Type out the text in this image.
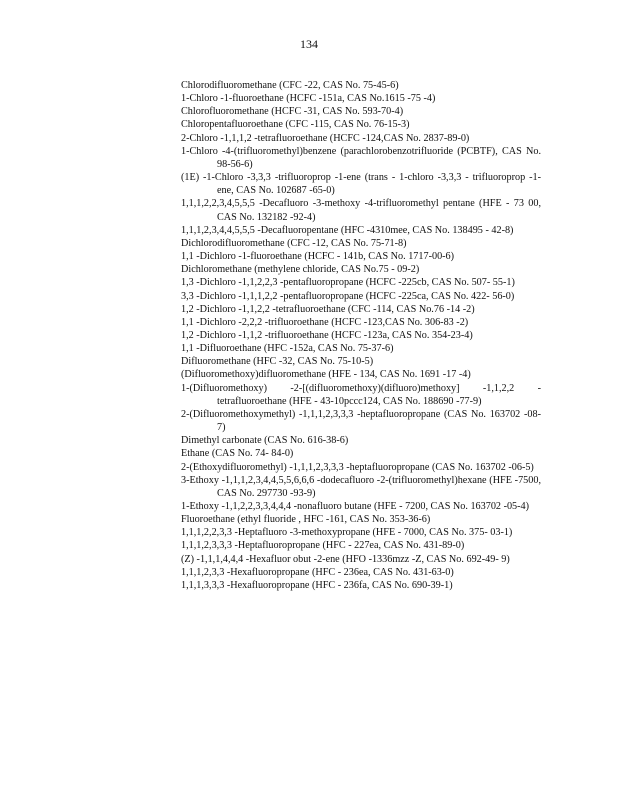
134
Chlorodifluoromethane (CFC -22, CAS No. 75-45-6)
1-Chloro -1-fluoroethane (HCFC -151a, CAS No.1615 -75 -4)
Chlorofluoromethane (HCFC -31, CAS No. 593-70-4)
Chloropentafluoroethane (CFC -115, CAS No. 76-15-3)
2-Chloro -1,1,1,2 -tetrafluoroethane (HCFC -124,CAS No. 2837-89-0)
1-Chloro -4-(trifluoromethyl)benzene (parachlorobenzotrifluoride (PCBTF), CAS No. 98-56-6)
(1E) -1-Chloro -3,3,3 -trifluoroprop -1-ene (trans - 1-chloro -3,3,3 - trifluoroprop -1-ene, CAS No. 102687 -65-0)
1,1,1,2,2,3,4,5,5,5 -Decafluoro -3-methoxy -4-trifluoromethyl pentane (HFE - 73 00, CAS No. 132182 -92-4)
1,1,1,2,3,4,4,5,5,5 -Decafluoropentane (HFC -4310mee, CAS No. 138495 - 42-8)
Dichlorodifluoromethane (CFC -12, CAS No. 75-71-8)
1,1 -Dichloro -1-fluoroethane (HCFC - 141b, CAS No. 1717-00-6)
Dichloromethane (methylene chloride, CAS No.75 - 09-2)
1,3 -Dichloro -1,1,2,2,3 -pentafluoropropane (HCFC -225cb, CAS No. 507- 55-1)
3,3 -Dichloro -1,1,1,2,2 -pentafluoropropane (HCFC -225ca, CAS No. 422- 56-0)
1,2 -Dichloro -1,1,2,2 -tetrafluoroethane (CFC -114, CAS No.76 -14 -2)
1,1 -Dichloro -2,2,2 -trifluoroethane (HCFC -123,CAS No. 306-83 -2)
1,2 -Dichloro -1,1,2 -trifluoroethane (HCFC -123a, CAS No. 354-23-4)
1,1 -Difluoroethane (HFC -152a, CAS No. 75-37-6)
Difluoromethane (HFC -32, CAS No. 75-10-5)
(Difluoromethoxy)difluoromethane (HFE - 134, CAS No. 1691 -17 -4)
1-(Difluoromethoxy) -2-[(difluoromethoxy)(difluoro)methoxy] -1,1,2,2 - tetrafluoroethane (HFE - 43-10pccc124, CAS No. 188690 -77-9)
2-(Difluoromethoxymethyl) -1,1,1,2,3,3,3 -heptafluoropropane (CAS No. 163702 -08-7)
Dimethyl carbonate (CAS No. 616-38-6)
Ethane (CAS No. 74- 84-0)
2-(Ethoxydifluoromethyl) -1,1,1,2,3,3,3 -heptafluoropropane (CAS No. 163702 -06-5)
3-Ethoxy -1,1,1,2,3,4,4,5,5,6,6,6 -dodecafluoro -2-(trifluoromethyl)hexane (HFE -7500, CAS No. 297730 -93-9)
1-Ethoxy -1,1,2,2,3,3,4,4,4 -nonafluoro butane (HFE - 7200, CAS No. 163702 -05-4)
Fluoroethane (ethyl fluoride , HFC -161, CAS No. 353-36-6)
1,1,1,2,2,3,3 -Heptafluoro -3-methoxypropane (HFE - 7000, CAS No. 375- 03-1)
1,1,1,2,3,3,3 -Heptafluoropropane (HFC - 227ea, CAS No. 431-89-0)
(Z) -1,1,1,4,4,4 -Hexafluor obut -2-ene (HFO -1336mzz -Z, CAS No. 692-49- 9)
1,1,1,2,3,3 -Hexafluoropropane (HFC - 236ea, CAS No. 431-63-0)
1,1,1,3,3,3 -Hexafluoropropane (HFC - 236fa, CAS No. 690-39-1)
